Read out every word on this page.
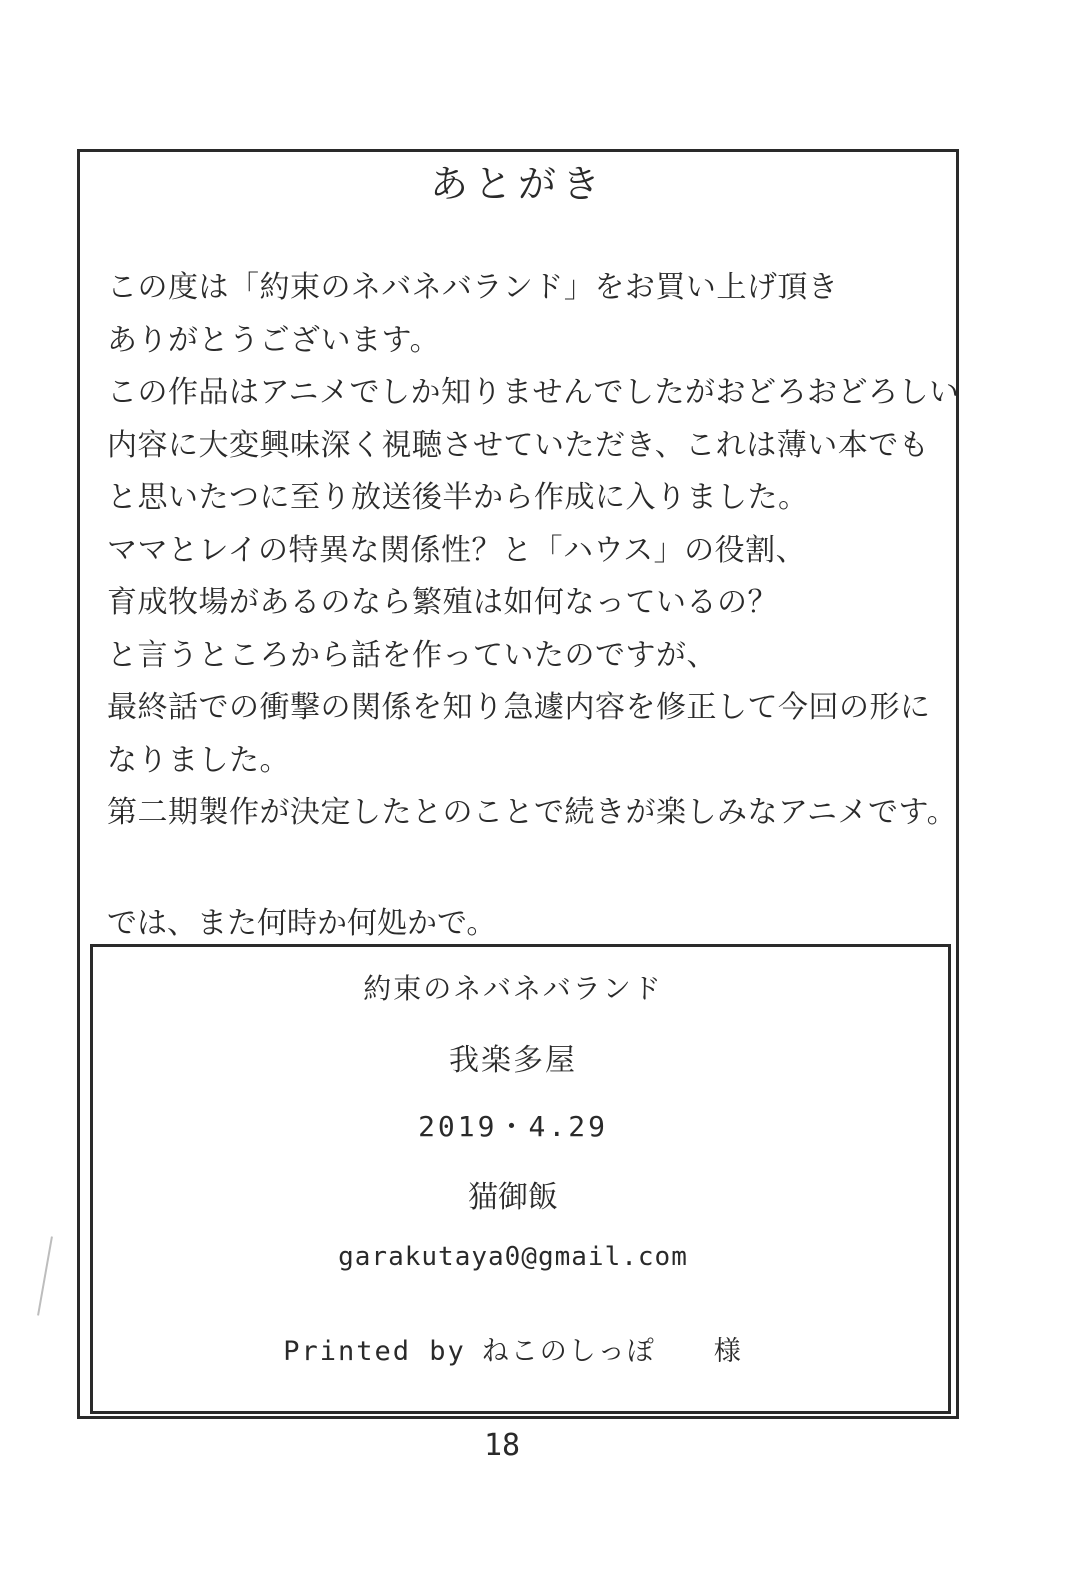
あとがき
この度は「約束のネバネバランド」をお買い上げ頂き
ありがとうございます。
この作品はアニメでしか知りませんでしたがおどろおどろしい
内容に大変興味深く視聴させていただき、これは薄い本でも
と思いたつに至り放送後半から作成に入りました。
ママとレイの特異な関係性？と「ハウス」の役割、
育成牧場があるのなら繁殖は如何なっているの？
と言うところから話を作っていたのですが、
最終話での衝撃の関係を知り急遽内容を修正して今回の形に
なりました。
第二期製作が決定したとのことで続きが楽しみなアニメです。
では、また何時か何処かで。
約束のネバネバランド
我楽多屋
2019・4.29
猫御飯
garakutaya0@gmail.com
Printed by ねこのしっぽ 様
18
